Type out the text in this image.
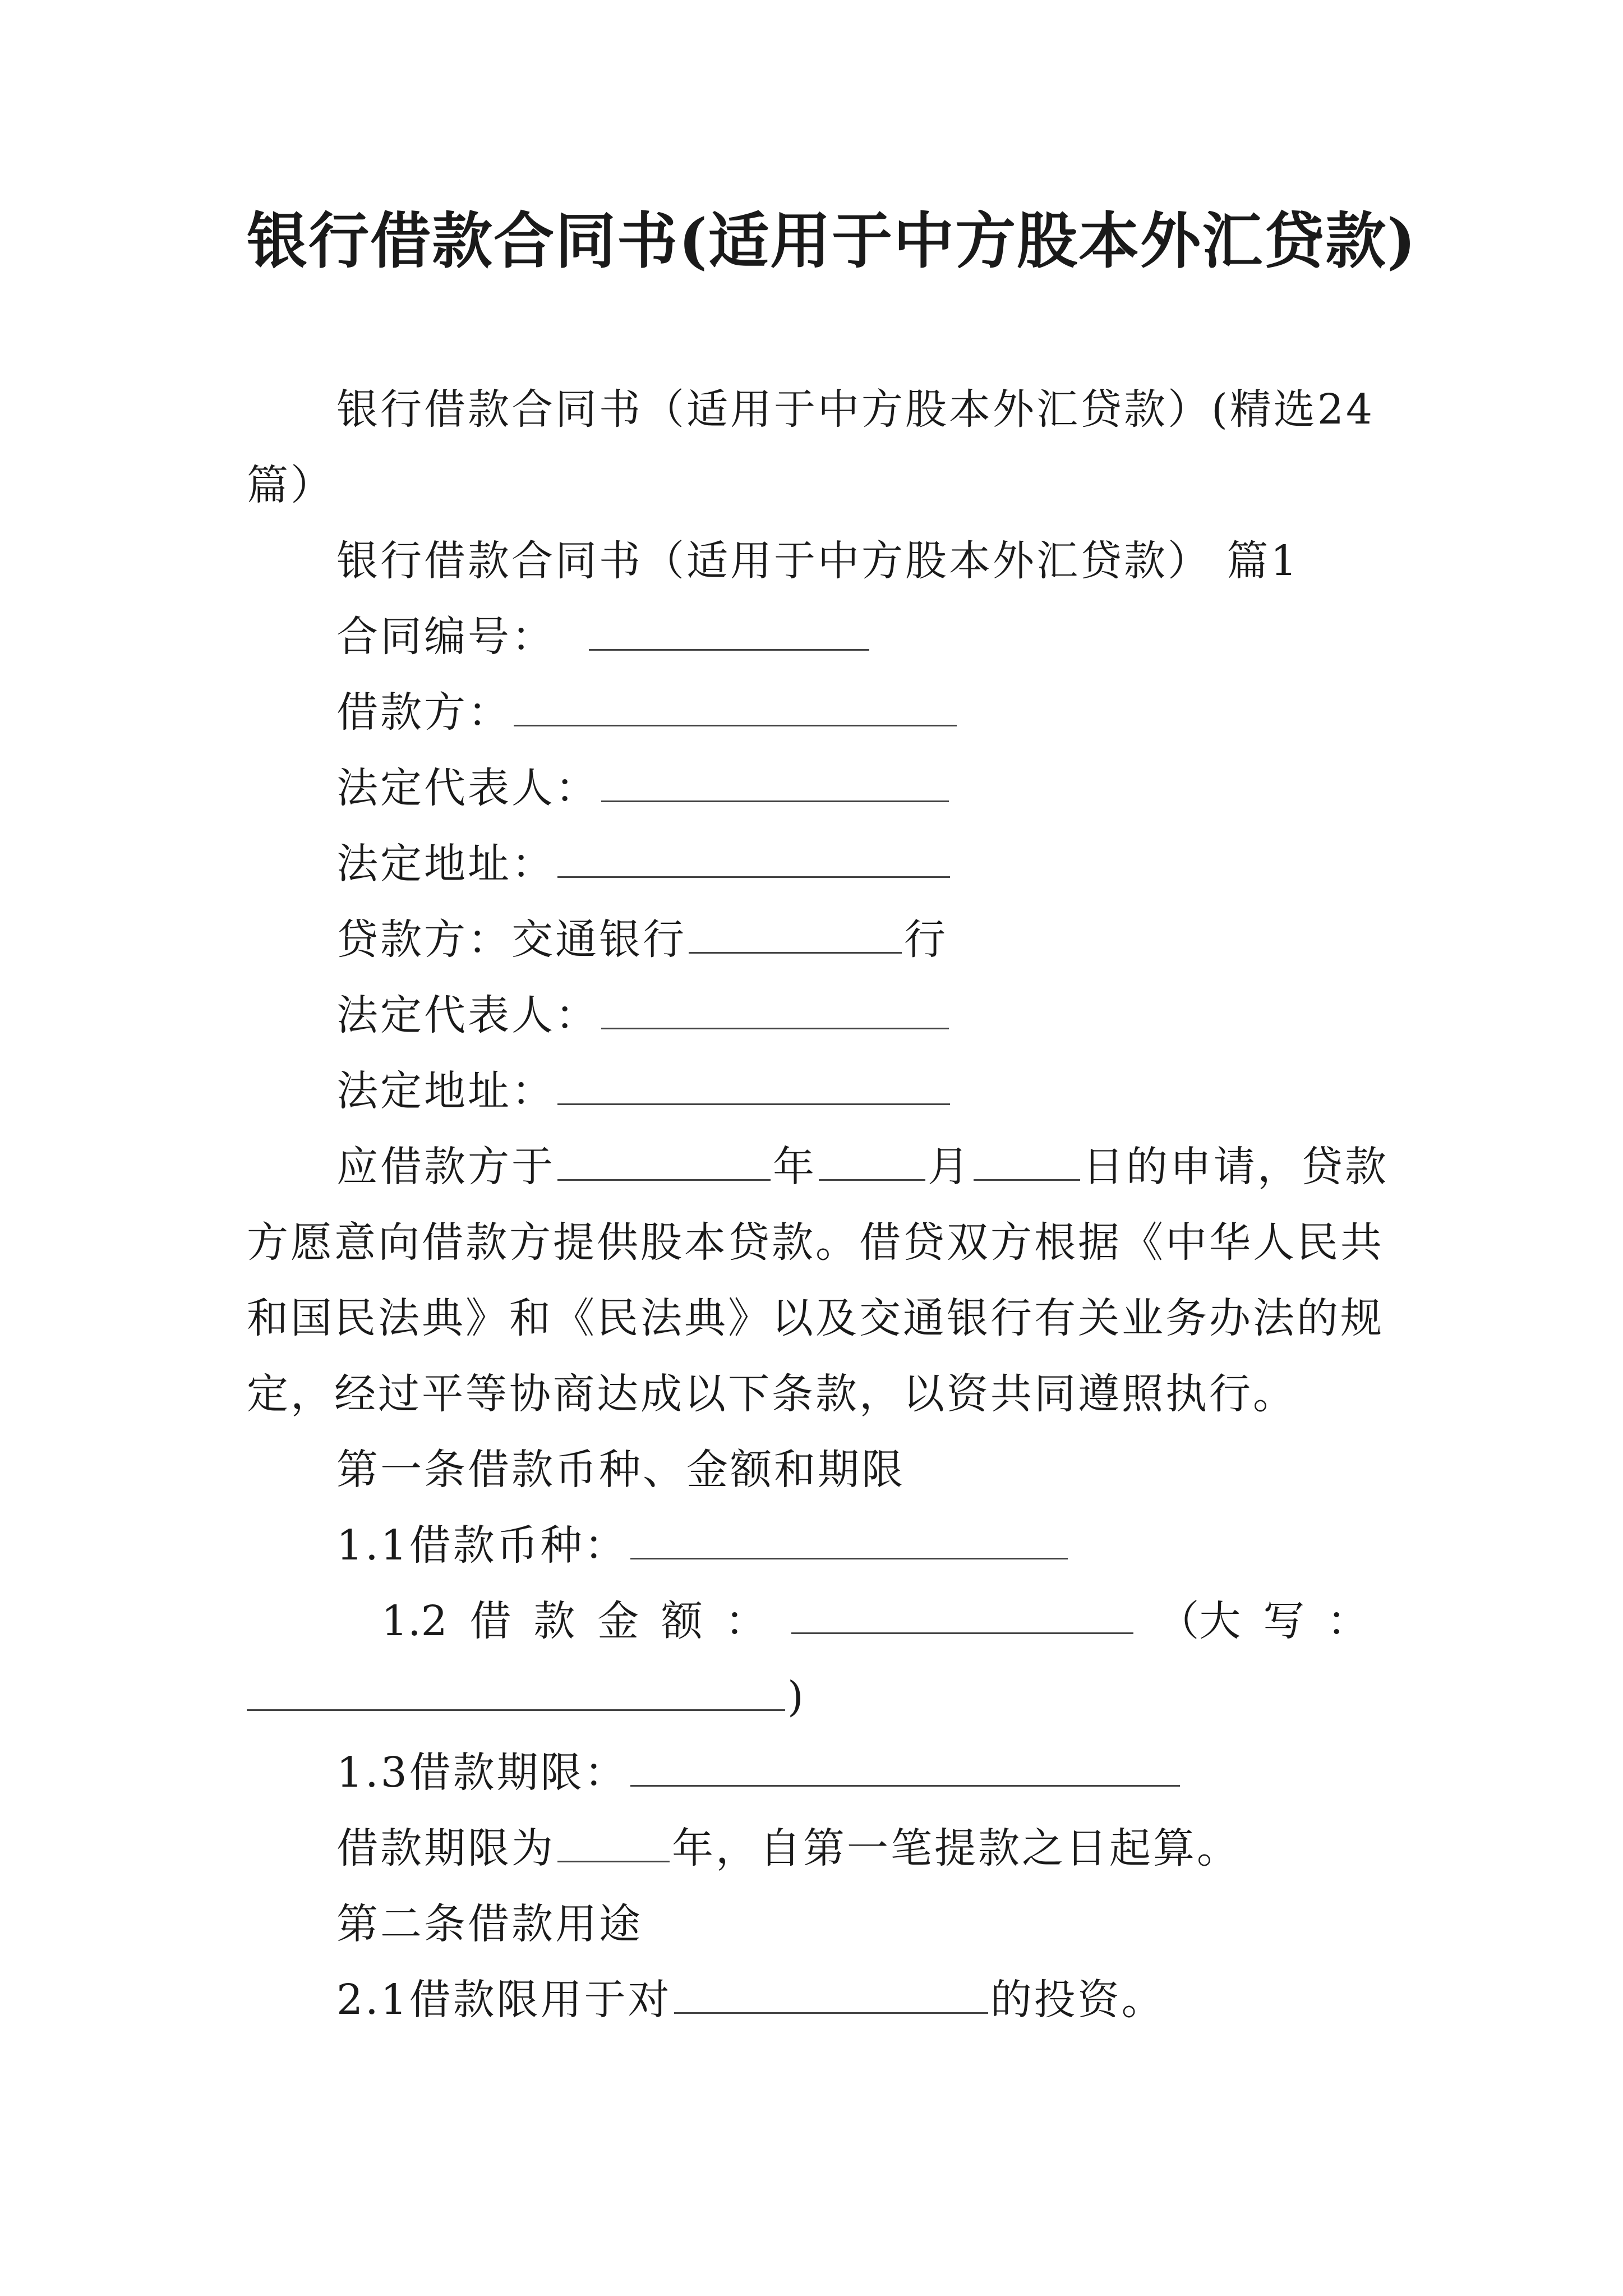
银行借款合同书(适用于中方股本外汇贷款)
银行借款合同书（适用于中方股本外汇贷款）(精选24
篇）
银行借款合同书（适用于中方股本外汇贷款） 篇1
合同编号：
借款方：
法定代表人：
法定地址：
贷款方：交通银行	行
法定代表人：
法定地址：
应借款方于	年	月	日的申请，贷款
方愿意向借款方提供股本贷款。借贷双方根据《中华人民共
和国民法典》和《民法典》以及交通银行有关业务办法的规
定，经过平等协商达成以下条款，以资共同遵照执行。
第一条借款币种、金额和期限
1.1借款币种：
1.2 借 款 金 额 ：	（大 写 ：
)
1.3借款期限：
借款期限为	年，自第一笔提款之日起算。
第二条借款用途
2.1借款限用于对	的投资。
